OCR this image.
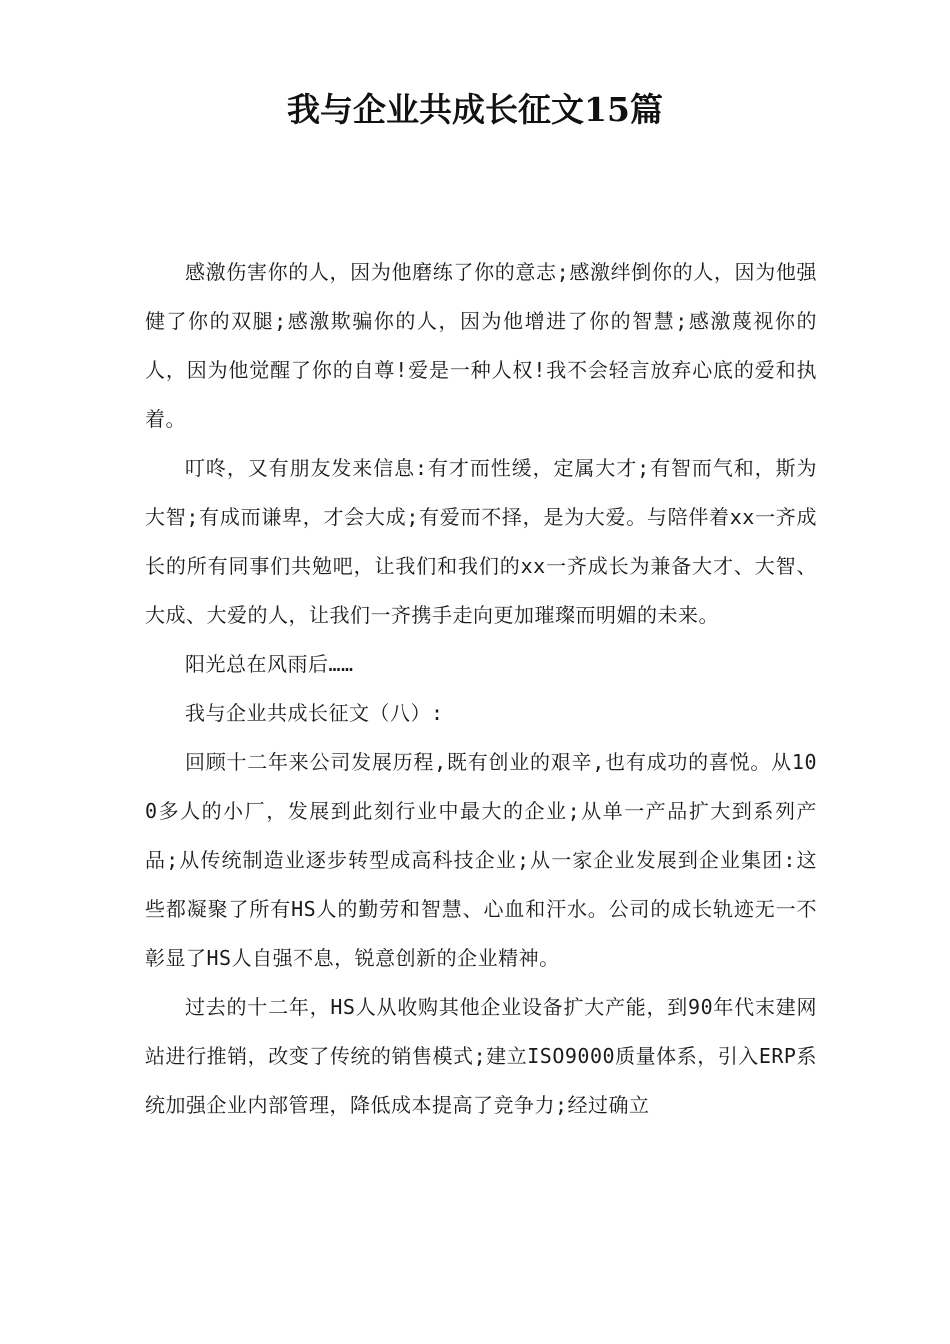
我与企业共成长征文15篇

感激伤害你的人，因为他磨练了你的意志;感激绊倒你的人，因为他强健了你的双腿;感激欺骗你的人，因为他增进了你的智慧;感激蔑视你的人，因为他觉醒了你的自尊!爱是一种人权!我不会轻言放弃心底的爱和执着。

叮咚，又有朋友发来信息:有才而性缓，定属大才;有智而气和，斯为大智;有成而谦卑，才会大成;有爱而不择，是为大爱。与陪伴着xx一齐成长的所有同事们共勉吧，让我们和我们的xx一齐成长为兼备大才、大智、大成、大爱的人，让我们一齐携手走向更加璀璨而明媚的未来。

阳光总在风雨后……

我与企业共成长征文（八）:

回顾十二年来公司发展历程,既有创业的艰辛,也有成功的喜悦。从100多人的小厂，发展到此刻行业中最大的企业;从单一产品扩大到系列产品;从传统制造业逐步转型成高科技企业;从一家企业发展到企业集团:这些都凝聚了所有HS人的勤劳和智慧、心血和汗水。公司的成长轨迹无一不彰显了HS人自强不息，锐意创新的企业精神。

过去的十二年，HS人从收购其他企业设备扩大产能，到90年代末建网站进行推销，改变了传统的销售模式;建立ISO9000质量体系，引入ERP系统加强企业内部管理，降低成本提高了竞争力;经过确立
